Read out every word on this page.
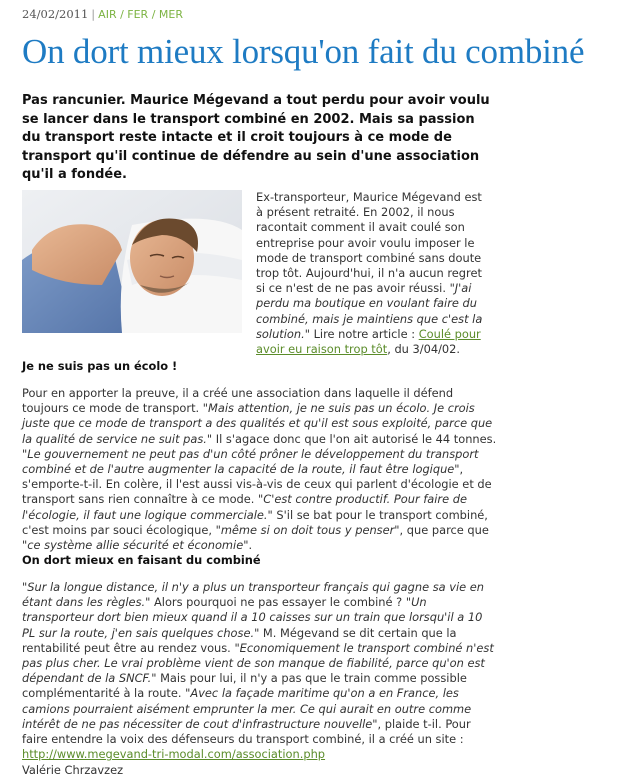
24/02/2011 | AIR / FER / MER
On dort mieux lorsqu'on fait du combiné

Pas rancunier. Maurice Mégevand a tout perdu pour avoir voulu se lancer dans le transport combiné en 2002. Mais sa passion du transport reste intacte et il croit toujours à ce mode de transport qu'il continue de défendre au sein d'une association qu'il a fondée.

Ex-transporteur, Maurice Mégevand est à présent retraité. En 2002, il nous racontait comment il avait coulé son entreprise pour avoir voulu imposer le mode de transport combiné sans doute trop tôt. Aujourd'hui, il n'a aucun regret si ce n'est de ne pas avoir réussi. "J'ai perdu ma boutique en voulant faire du combiné, mais je maintiens que c'est la solution." Lire notre article : Coulé pour avoir eu raison trop tôt, du 3/04/02.

Je ne suis pas un écolo !

Pour en apporter la preuve, il a créé une association dans laquelle il défend toujours ce mode de transport. "Mais attention, je ne suis pas un écolo. Je crois juste que ce mode de transport a des qualités et qu'il est sous exploité, parce que la qualité de service ne suit pas." Il s'agace donc que l'on ait autorisé le 44 tonnes. "Le gouvernement ne peut pas d'un côté prôner le développement du transport combiné et de l'autre augmenter la capacité de la route, il faut être logique", s'emporte-t-il. En colère, il l'est aussi vis-à-vis de ceux qui parlent d'écologie et de transport sans rien connaître à ce mode. "C'est contre productif. Pour faire de l'écologie, il faut une logique commerciale." S'il se bat pour le transport combiné, c'est moins par souci écologique, "même si on doit tous y penser", que parce que "ce système allie sécurité et économie".

On dort mieux en faisant du combiné

"Sur la longue distance, il n'y a plus un transporteur français qui gagne sa vie en étant dans les règles." Alors pourquoi ne pas essayer le combiné ? "Un transporteur dort bien mieux quand il a 10 caisses sur un train que lorsqu'il a 10 PL sur la route, j'en sais quelques chose." M. Mégevand se dit certain que la rentabilité peut être au rendez vous. "Economiquement le transport combiné n'est pas plus cher. Le vrai problème vient de son manque de fiabilité, parce qu'on est dépendant de la SNCF." Mais pour lui, il n'y a pas que le train comme possible complémentarité à la route. "Avec la façade maritime qu'on a en France, les camions pourraient aisément emprunter la mer. Ce qui aurait en outre comme intérêt de ne pas nécessiter de cout d'infrastructure nouvelle", plaide t-il. Pour faire entendre la voix des défenseurs du transport combiné, il a créé un site : http://www.megevand-tri-modal.com/association.php

Valérie Chrzavzez
